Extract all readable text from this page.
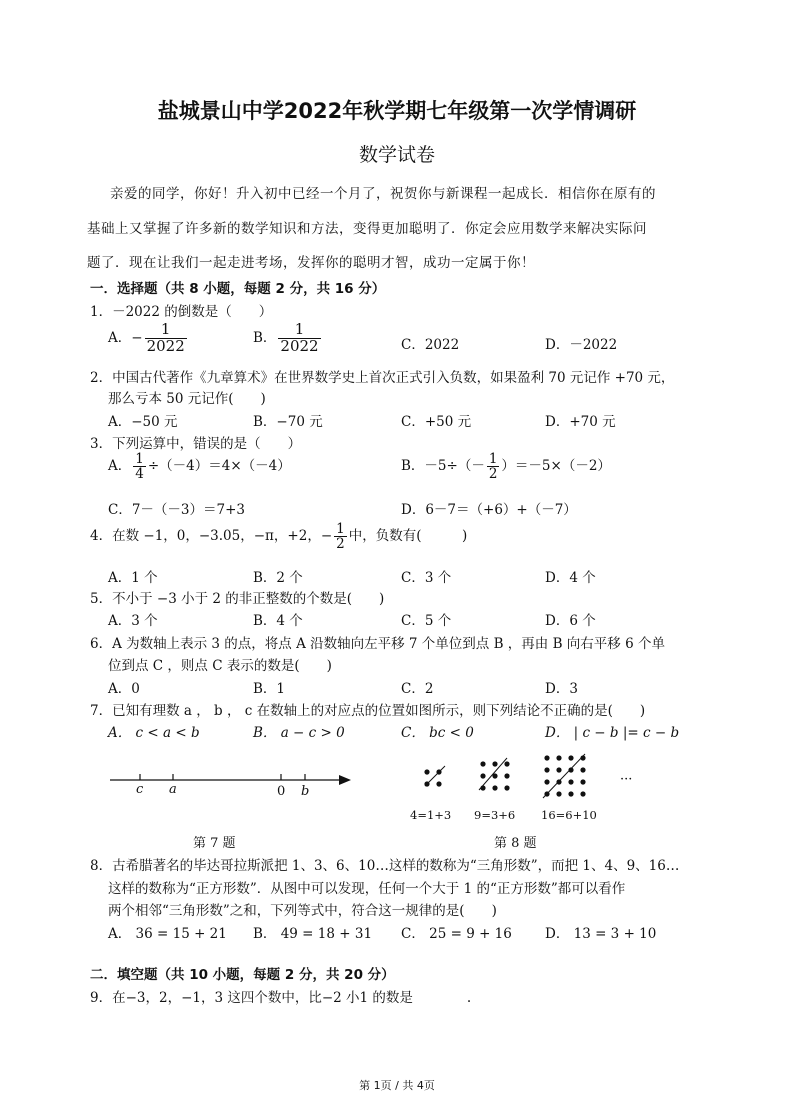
盐城景山中学2022年秋学期七年级第一次学情调研
数学试卷
亲爱的同学，你好！升入初中已经一个月了，祝贺你与新课程一起成长．相信你在原有的
基础上又掌握了许多新的数学知识和方法，变得更加聪明了．你定会应用数学来解决实际问
题了．现在让我们一起走进考场，发挥你的聪明才智，成功一定属于你！
一．选择题（共 8 小题，每题 2 分，共 16 分）
1．－2022 的倒数是（　　）
A．− $\frac{1}{2022}$	B． $\frac{1}{2022}$	C．2022	D．－2022
2．中国古代著作《九章算术》在世界数学史上首次正式引入负数，如果盈利 70 元记作 +70 元，
那么亏本 50 元记作(　　)
A．−50 元	B．−70 元	C．+50 元	D．+70 元
3．下列运算中，错误的是（　　）
A． $\frac{1}{4} \div(-4)=4\times(-4)$	B．$-5\div(- \frac{1}{2} )=-5\times(-2)$
C．7－（－3）＝7+3	D．6－7＝（+6）+（－7）
4．在数 −1，0，−3.05，−π，+2，− $\frac{1}{2}$ 中，负数有(　　　)
A．1 个	B．2 个	C．3 个	D．4 个
5．不小于 −3 小于 2 的非正整数的个数是(　　)
A．3 个	B．4 个	C．5 个	D．6 个
6．A 为数轴上表示 3 的点，将点 A 沿数轴向左平移 7 个单位到点 B ，再由 B 向右平移 6 个单
位到点 C ，则点 C 表示的数是(　　)
A．0	B．1	C．2	D．3
7．已知有理数 a ， b ， c 在数轴上的对应点的位置如图所示，则下列结论不正确的是(　　)
A． c < a < b	B． a − c > 0	C． bc < 0	D． | c − b |= c − b
c a	0 b
第 7 题
···
4=1+3 9=3+6 16=6+10
第 8 题
8．古希腊著名的毕达哥拉斯派把 1、3、6、10…这样的数称为“三角形数”，而把 1、4、9、16…
这样的数称为“正方形数”．从图中可以发现，任何一个大于 1 的“正方形数”都可以看作
两个相邻“三角形数”之和，下列等式中，符合这一规律的是(　　)
A． 36 = 15 + 21 B． 49 = 18 + 31 C． 25 = 9 + 16 D． 13 = 3 + 10
二．填空题（共 10 小题，每题 2 分，共 20 分）
9．在−3，2，−1，3 这四个数中，比−2 小1 的数是　　　　.
第 1页 / 共 4页
